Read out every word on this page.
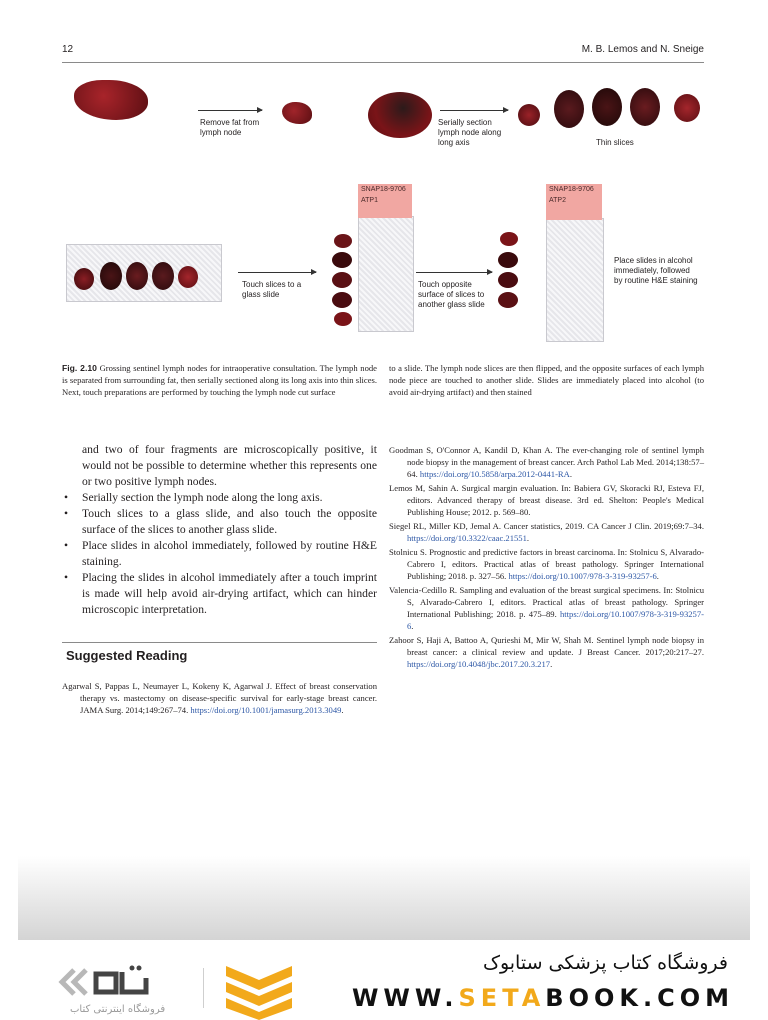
12	M. B. Lemos and N. Sneige
Remove fat from lymph node
Serially section lymph node along long axis	Thin slices
Touch slices to a glass slide
SNAP18-9706
ATP1
Touch opposite surface of slices to another glass slide
SNAP18-9706
ATP2
Place slides in alcohol immediately, followed by routine H&E staining
Fig. 2.10 Grossing sentinel lymph nodes for intraoperative consultation. The lymph node is separated from surrounding fat, then serially sectioned along its long axis into thin slices. Next, touch preparations are performed by touching the lymph node cut surface
to a slide. The lymph node slices are then flipped, and the opposite surfaces of each lymph node piece are touched to another slide. Slides are immediately placed into alcohol (to avoid air-drying artifact) and then stained
and two of four fragments are microscopically positive, it would not be possible to determine whether this represents one or two positive lymph nodes.
• Serially section the lymph node along the long axis.
• Touch slices to a glass slide, and also touch the opposite surface of the slices to another glass slide.
• Place slides in alcohol immediately, followed by routine H&E staining.
• Placing the slides in alcohol immediately after a touch imprint is made will help avoid air-drying artifact, which can hinder microscopic interpretation.
Suggested Reading
Agarwal S, Pappas L, Neumayer L, Kokeny K, Agarwal J. Effect of breast conservation therapy vs. mastectomy on disease-specific survival for early-stage breast cancer. JAMA Surg. 2014;149:267–74. https://doi.org/10.1001/jamasurg.2013.3049.
Goodman S, O'Connor A, Kandil D, Khan A. The ever-changing role of sentinel lymph node biopsy in the management of breast cancer. Arch Pathol Lab Med. 2014;138:57–64. https://doi.org/10.5858/arpa.2012-0441-RA.
Lemos M, Sahin A. Surgical margin evaluation. In: Babiera GV, Skoracki RJ, Esteva FJ, editors. Advanced therapy of breast disease. 3rd ed. Shelton: People's Medical Publishing House; 2012. p. 569–80.
Siegel RL, Miller KD, Jemal A. Cancer statistics, 2019. CA Cancer J Clin. 2019;69:7–34. https://doi.org/10.3322/caac.21551.
Stolnicu S. Prognostic and predictive factors in breast carcinoma. In: Stolnicu S, Alvarado-Cabrero I, editors. Practical atlas of breast pathology. Springer International Publishing; 2018. p. 327–56. https://doi.org/10.1007/978-3-319-93257-6.
Valencia-Cedillo R. Sampling and evaluation of the breast surgical specimens. In: Stolnicu S, Alvarado-Cabrero I, editors. Practical atlas of breast pathology. Springer International Publishing; 2018. p. 475–89. https://doi.org/10.1007/978-3-319-93257-6.
Zahoor S, Haji A, Battoo A, Qurieshi M, Mir W, Shah M. Sentinel lymph node biopsy in breast cancer: a clinical review and update. J Breast Cancer. 2017;20:217–27. https://doi.org/10.4048/jbc.2017.20.3.217.
فروشگاه اینترنتی کتاب
فروشگاه کتاب پزشکی ستابوک
WWW.SETABOOK.COM
